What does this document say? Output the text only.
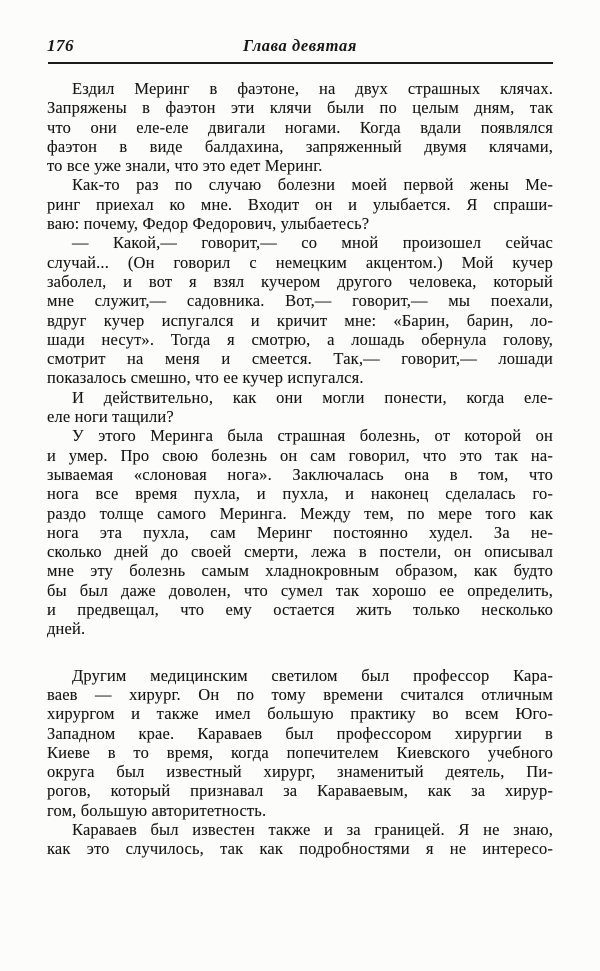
176	Глава девятая
Ездил Меринг в фаэтоне, на двух страшных клячах.
Запряжены в фаэтон эти клячи были по целым дням, так
что они еле-еле двигали ногами. Когда вдали появлялся
фаэтон в виде балдахина, запряженный двумя клячами,
то все уже знали, что это едет Меринг.
Как-то раз по случаю болезни моей первой жены Ме-
ринг приехал ко мне. Входит он и улыбается. Я спраши-
ваю: почему, Федор Федорович, улыбаетесь?
— Какой,— говорит,— со мной произошел сейчас
случай... (Он говорил с немецким акцентом.) Мой кучер
заболел, и вот я взял кучером другого человека, который
мне служит,— садовника. Вот,— говорит,— мы поехали,
вдруг кучер испугался и кричит мне: «Барин, барин, ло-
шади несут». Тогда я смотрю, а лошадь обернула голову,
смотрит на меня и смеется. Так,— говорит,— лошади
показалось смешно, что ее кучер испугался.
И действительно, как они могли понести, когда еле-
еле ноги тащили?
У этого Меринга была страшная болезнь, от которой он
и умер. Про свою болезнь он сам говорил, что это так на-
зываемая «слоновая нога». Заключалась она в том, что
нога все время пухла, и пухла, и наконец сделалась го-
раздо толще самого Меринга. Между тем, по мере того как
нога эта пухла, сам Меринг постоянно худел. За не-
сколько дней до своей смерти, лежа в постели, он описывал
мне эту болезнь самым хладнокровным образом, как будто
бы был даже доволен, что сумел так хорошо ее определить,
и предвещал, что ему остается жить только несколько
дней.
Другим медицинским светилом был профессор Кара-
ваев — хирург. Он по тому времени считался отличным
хирургом и также имел большую практику во всем Юго-
Западном крае. Караваев был профессором хирургии в
Киеве в то время, когда попечителем Киевского учебного
округа был известный хирург, знаменитый деятель, Пи-
рогов, который признавал за Караваевым, как за хирур-
гом, большую авторитетность.
Караваев был известен также и за границей. Я не знаю,
как это случилось, так как подробностями я не интересо-
